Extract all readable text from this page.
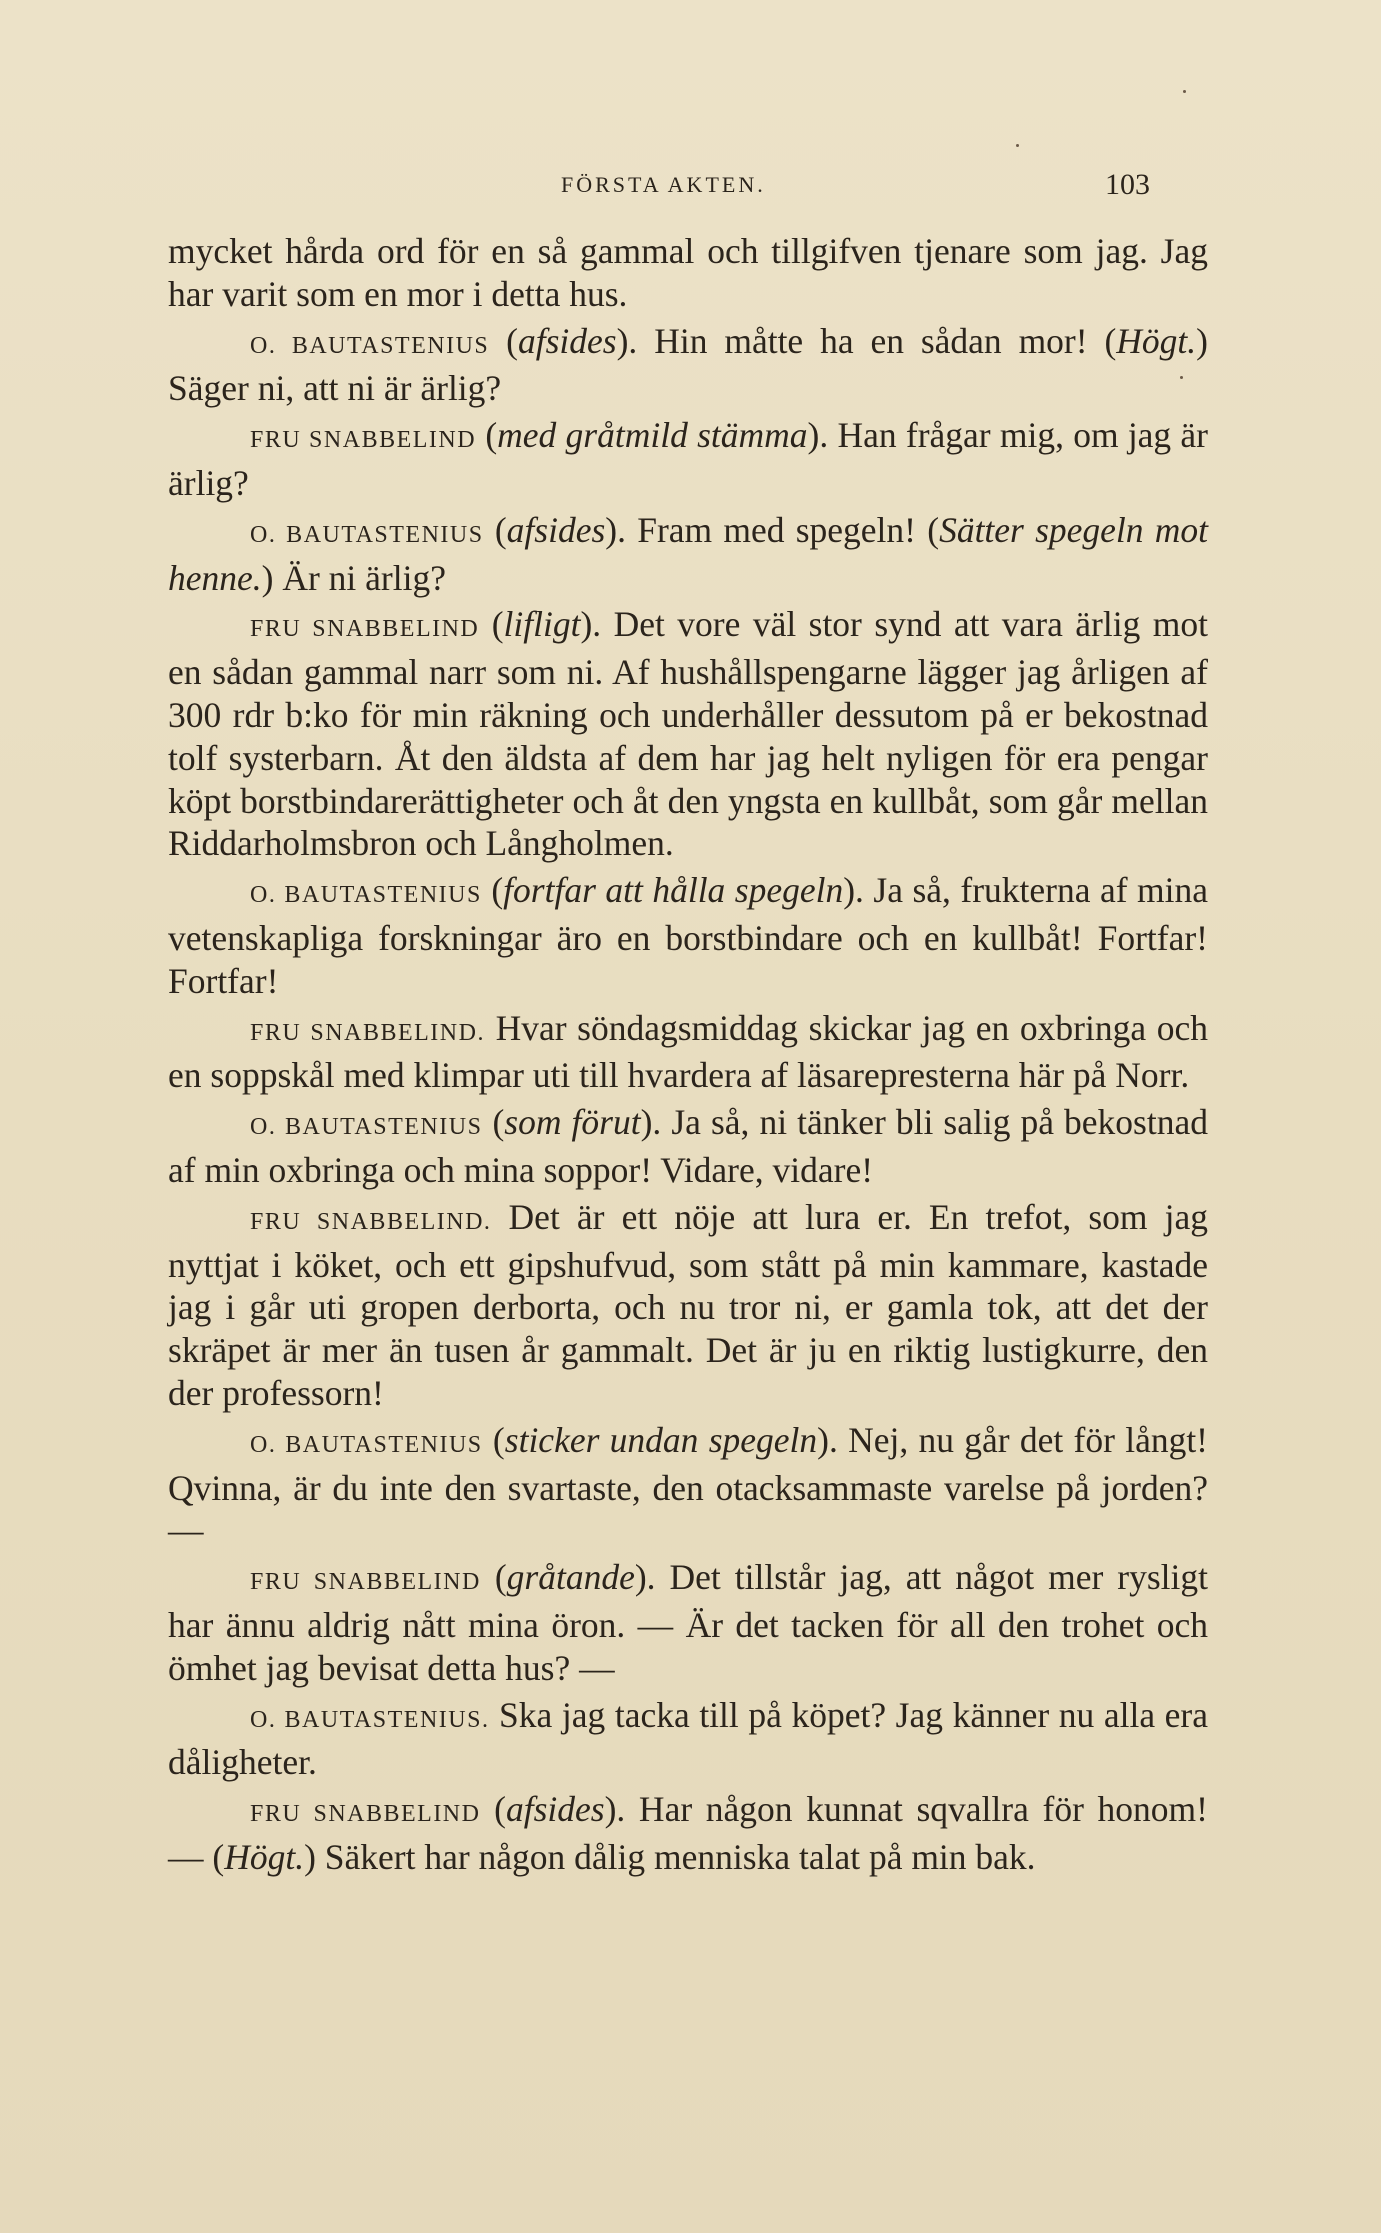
FÖRSTA AKTEN.	103

mycket hårda ord för en så gammal och tillgifven tjenare som jag. Jag har varit som en mor i detta hus.

O. BAUTASTENIUS (afsides). Hin måtte ha en sådan mor! (Högt.) Säger ni, att ni är ärlig?

FRU SNABBELIND (med gråtmild stämma). Han frågar mig, om jag är ärlig?

O. BAUTASTENIUS (afsides). Fram med spegeln! (Sätter spegeln mot henne.) Är ni ärlig?

FRU SNABBELIND (lifligt). Det vore väl stor synd att vara ärlig mot en sådan gammal narr som ni. Af hushållspengarne lägger jag årligen af 300 rdr b:ko för min räkning och underhåller dessutom på er bekostnad tolf systerbarn. Åt den äldsta af dem har jag helt nyligen för era pengar köpt borstbindarerättigheter och åt den yngsta en kullbåt, som går mellan Riddarholmsbron och Långholmen.

O. BAUTASTENIUS (fortfar att hålla spegeln). Ja så, frukterna af mina vetenskapliga forskningar äro en borstbindare och en kullbåt! Fortfar! Fortfar!

FRU SNABBELIND. Hvar söndagsmiddag skickar jag en oxbringa och en soppskål med klimpar uti till hvardera af läsarepresterna här på Norr.

O. BAUTASTENIUS (som förut). Ja så, ni tänker bli salig på bekostnad af min oxbringa och mina soppor! Vidare, vidare!

FRU SNABBELIND. Det är ett nöje att lura er. En trefot, som jag nyttjat i köket, och ett gipshufvud, som stått på min kammare, kastade jag i går uti gropen derborta, och nu tror ni, er gamla tok, att det der skräpet är mer än tusen år gammalt. Det är ju en riktig lustigkurre, den der professorn!

O. BAUTASTENIUS (sticker undan spegeln). Nej, nu går det för långt! Qvinna, är du inte den svartaste, den otacksammaste varelse på jorden? —

FRU SNABBELIND (gråtande). Det tillstår jag, att något mer rysligt har ännu aldrig nått mina öron. — Är det tacken för all den trohet och ömhet jag bevisat detta hus? —

O. BAUTASTENIUS. Ska jag tacka till på köpet? Jag känner nu alla era dåligheter.

FRU SNABBELIND (afsides). Har någon kunnat sqvallra för honom! — (Högt.) Säkert har någon dålig menniska talat på min bak.
